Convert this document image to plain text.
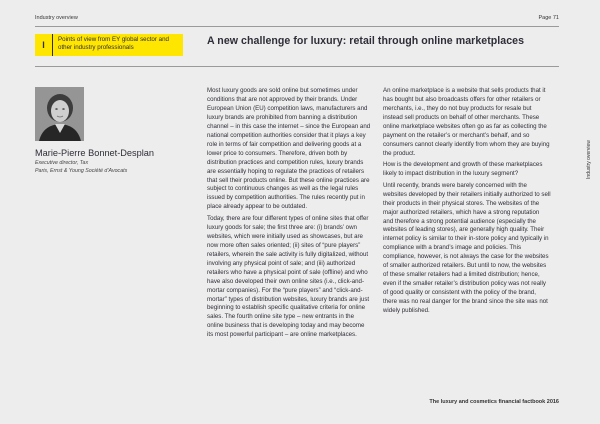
Industry overview	Page 71
I
Points of view from EY global sector and other industry professionals
A new challenge for luxury: retail through online marketplaces
Marie-Pierre Bonnet-Desplan
Executive director, Tax
Paris, Ernst & Young Société d’Avocats

Most luxury goods are sold online but sometimes under conditions that are not approved by their brands. Under European Union (EU) competition laws, manufacturers and luxury brands are prohibited from banning a distribution channel – in this case the internet – since the European and national competition authorities consider that it plays a key role in terms of fair competition and delivering goods at a lower price to consumers. Therefore, driven both by distribution practices and competition rules, luxury brands are essentially hoping to regulate the practices of retailers that sell their products online. But these online practices are subject to continuous changes as well as the legal rules issued by competition authorities. The rules recently put in place already appear to be outdated.

Today, there are four different types of online sites that offer luxury goods for sale; the first three are: (i) brands’ own websites, which were initially used as showcases, but are now more often sales oriented; (ii) sites of “pure players” retailers, wherein the sale activity is fully digitalized, without involving any physical point of sale; and (iii) authorized retailers who have a physical point of sale (offline) and who have also developed their own online sites (i.e., click-and-mortar companies). For the “pure players” and “click-and-mortar” types of distribution websites, luxury brands are just beginning to establish specific qualitative criteria for online sales. The fourth online site type – new entrants in the online business that is developing today and may become its most powerful participant – are online marketplaces.

An online marketplace is a website that sells products that it has bought but also broadcasts offers for other retailers or merchants, i.e., they do not buy products for resale but instead sell products on behalf of other merchants. These online marketplace websites often go as far as collecting the payment on the retailer’s or merchant’s behalf, and so consumers cannot clearly identify from whom they are buying the product.

How is the development and growth of these marketplaces likely to impact distribution in the luxury segment?

Until recently, brands were barely concerned with the websites developed by their retailers initially authorized to sell their products in their physical stores. The websites of the major authorized retailers, which have a strong reputation and therefore a strong potential audience (especially the websites of leading stores), are generally high quality. Their internet policy is similar to their in-store policy and typically in compliance with a brand’s image and policies. This compliance, however, is not always the case for the websites of smaller authorized retailers. But until to now, the websites of these smaller retailers had a limited distribution; hence, even if the smaller retailer’s distribution policy was not really of good quality or consistent with the policy of the brand, there was no real danger for the brand since the site was not widely published.

Industry overview
The luxury and cosmetics financial factbook 2016
